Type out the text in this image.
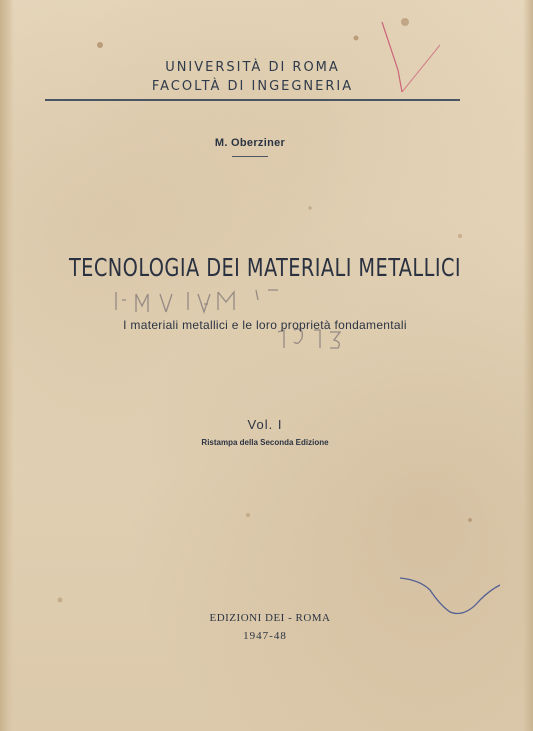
UNIVERSITÀ DI ROMA
FACOLTÀ DI INGEGNERIA
M. Oberziner
TECNOLOGIA DEI MATERIALI METALLICI
I materiali metallici e le loro proprietà fondamentali
Vol. I
Ristampa della Seconda Edizione
EDIZIONI DEI - ROMA
1947-48
